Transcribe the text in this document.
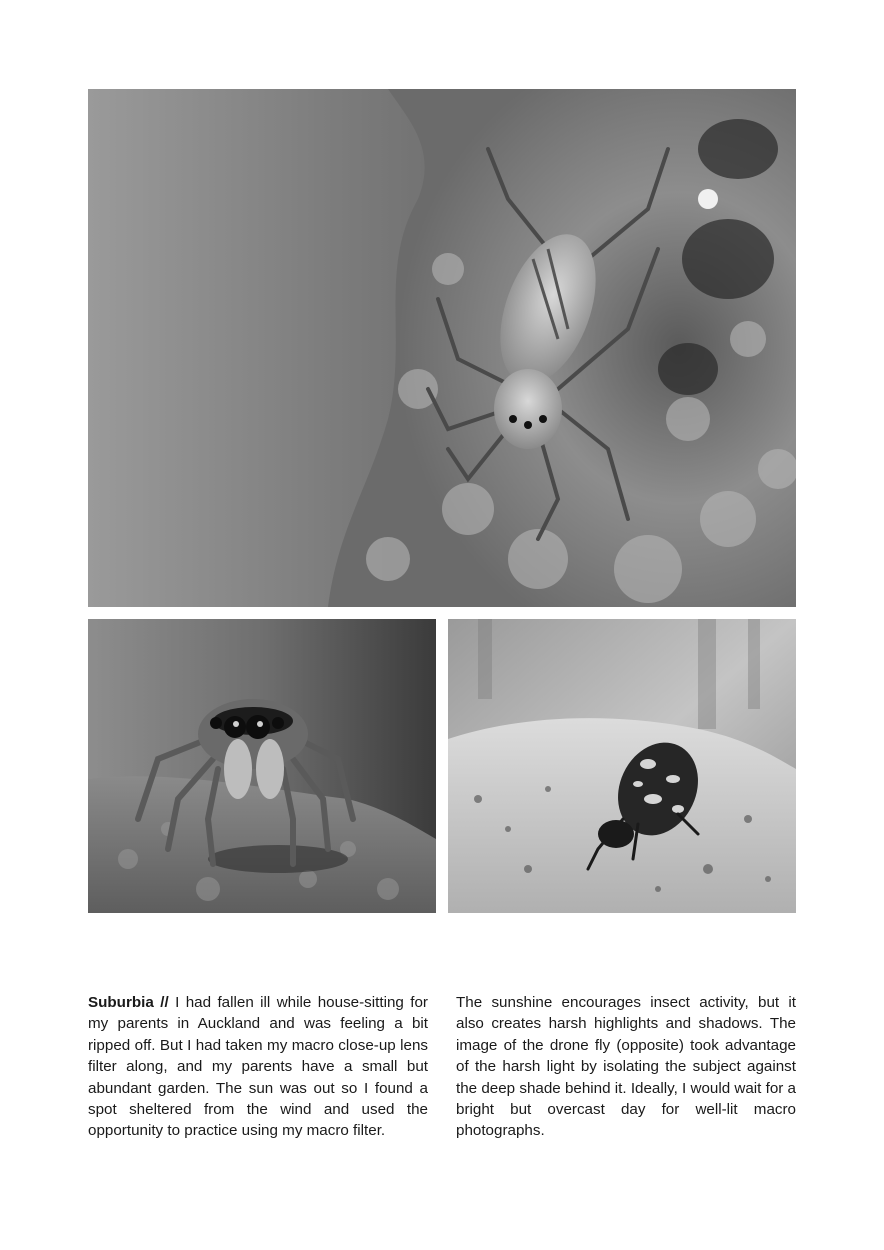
Suburbia // I had fallen ill while house-sitting for my parents in Auckland and was feeling a bit ripped off. But I had taken my macro close-up lens filter along, and my parents have a small but abundant garden. The sun was out so I found a spot sheltered from the wind and used the opportunity to practice using my macro filter.
The sunshine encourages insect activity, but it also creates harsh highlights and shadows. The image of the drone fly (opposite) took advantage of the harsh light by isolating the subject against the deep shade behind it. Ideally, I would wait for a bright but overcast day for well-lit macro photographs.
